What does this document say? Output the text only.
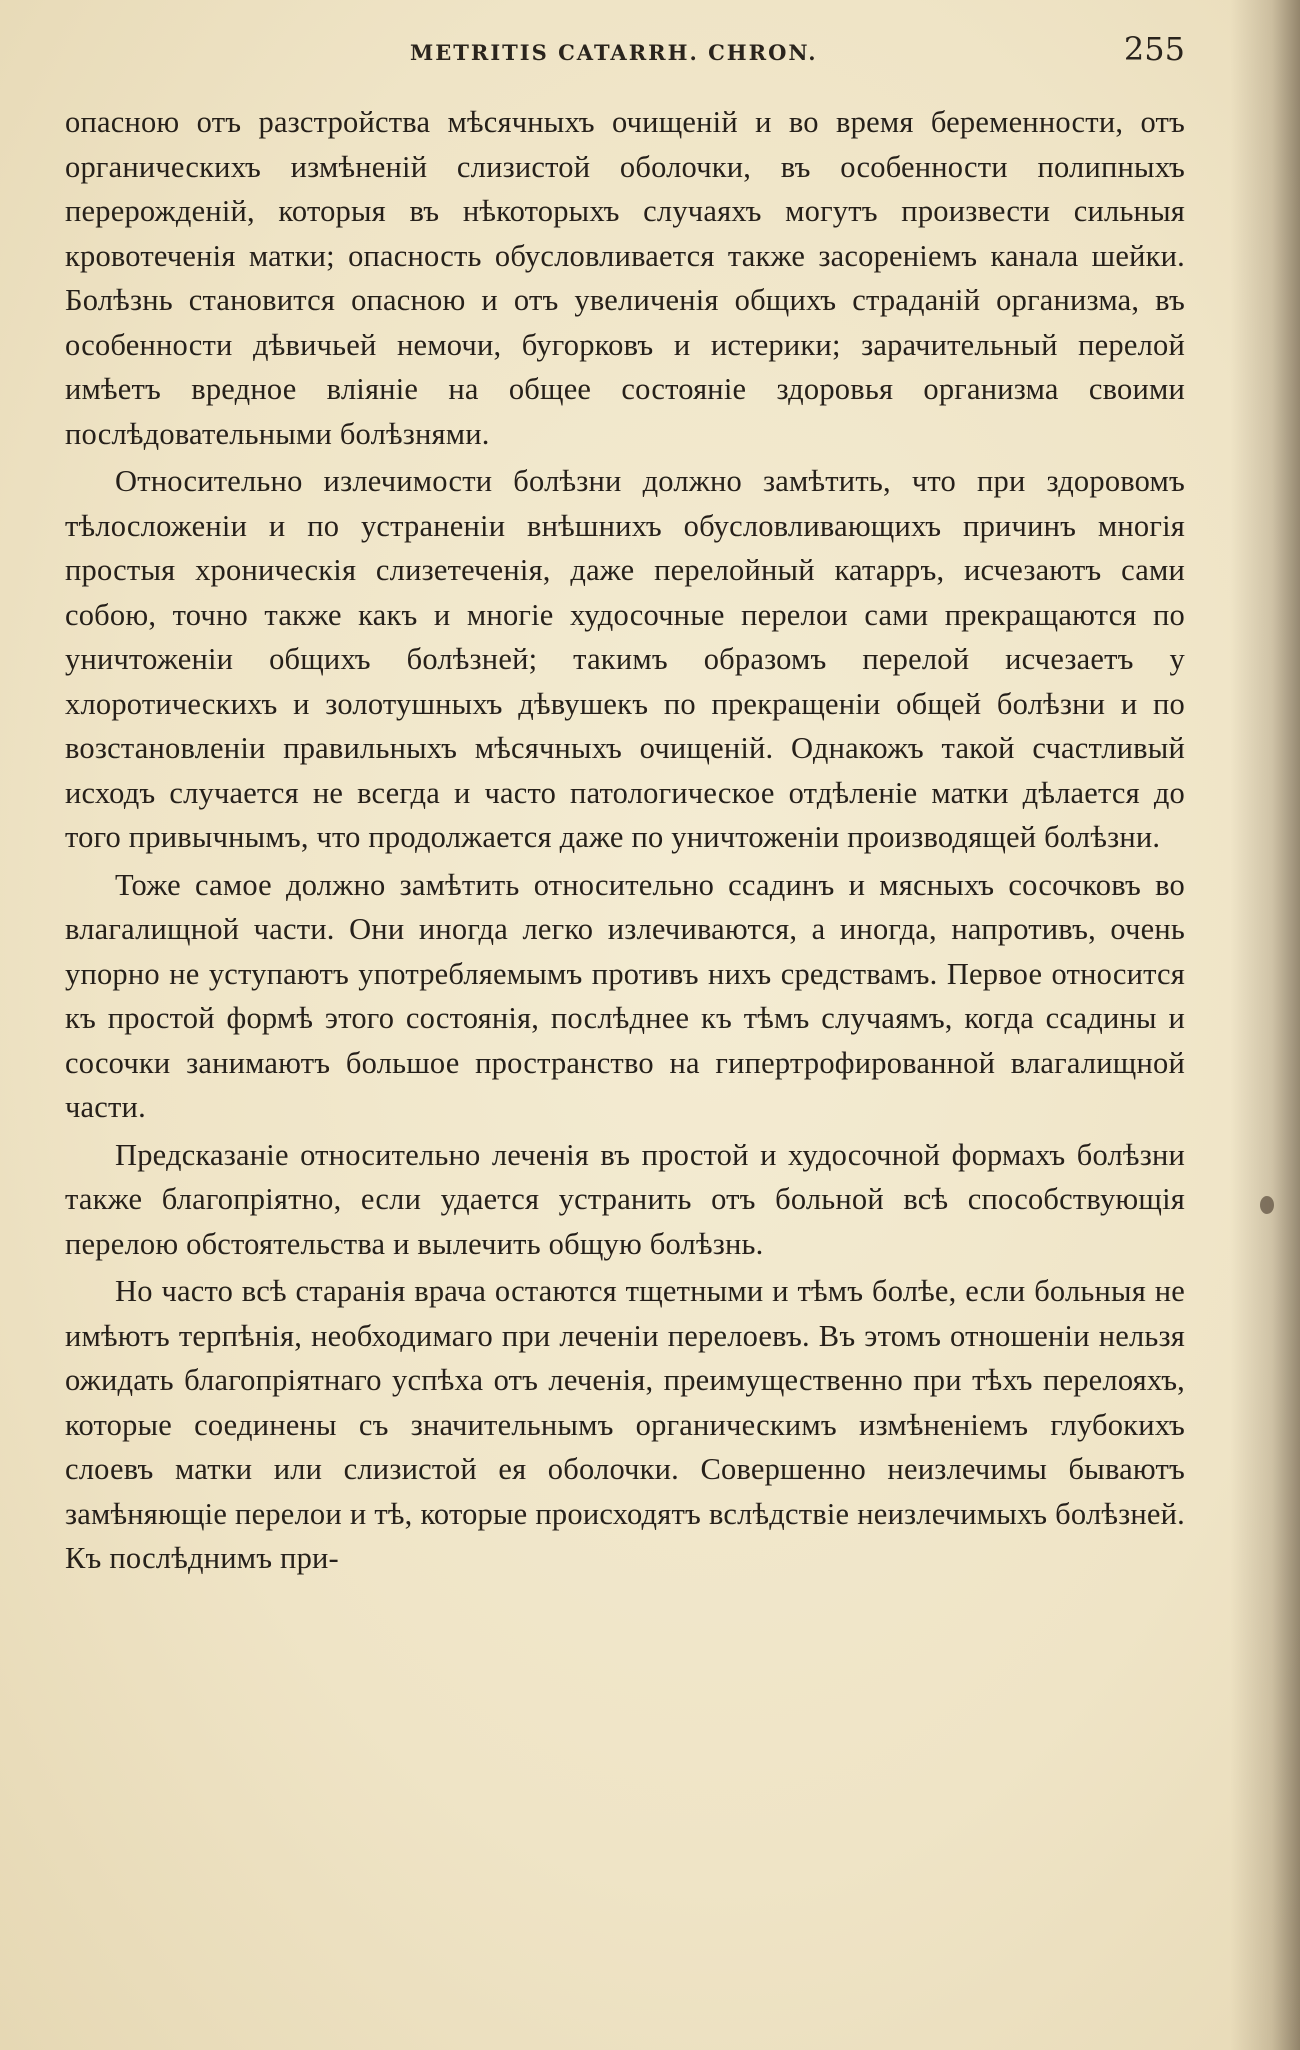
METRITIS CATARRH. CHRON.	255

опасною отъ разстройства мѣсячныхъ очищенiй и во время беременности, отъ органическихъ измѣненiй слизистой оболочки, въ особенности полипныхъ перерожденiй, которыя въ нѣкоторыхъ случаяхъ могутъ произвести сильныя кровотеченiя матки; опасность обусловливается также засоренiемъ канала шейки. Болѣзнь становится опасною и отъ увеличенiя общихъ страданiй организма, въ особенности дѣвичьей немочи, бугорковъ и истерики; зарачительный перелой имѣетъ вредное влiянiе на общее состоянiе здоровья организма своими послѣдовательными болѣзнями.

Относительно излечимости болѣзни должно замѣтить, что при здоровомъ тѣлосложенiи и по устраненiи внѣшнихъ обусловливающихъ причинъ многiя простыя хроническiя слизетеченiя, даже перелойный катарръ, исчезаютъ сами собою, точно также какъ и многiе худосочные перелои сами прекращаются по уничтоженiи общихъ болѣзней; такимъ образомъ перелой исчезаетъ у хлоротическихъ и золотушныхъ дѣвушекъ по прекращенiи общей болѣзни и по возстановленiи правильныхъ мѣсячныхъ очищенiй. Однакожъ такой счастливый исходъ случается не всегда и часто патологическое отдѣленiе матки дѣлается до того привычнымъ, что продолжается даже по уничтоженiи производящей болѣзни.

Тоже самое должно замѣтить относительно ссадинъ и мясныхъ сосочковъ во влагалищной части. Они иногда легко излечиваются, а иногда, напротивъ, очень упорно не уступаютъ употребляемымъ противъ нихъ средствамъ. Первое относится къ простой формѣ этого состоянiя, послѣднее къ тѣмъ случаямъ, когда ссадины и сосочки занимаютъ большое пространство на гипертрофированной влагалищной части.

Предсказанiе относительно леченiя въ простой и худосочной формахъ болѣзни также благопрiятно, если удается устранить отъ больной всѣ способствующiя перелою обстоятельства и вылечить общую болѣзнь.

Но часто всѣ старанiя врача остаются тщетными и тѣмъ болѣе, если больныя не имѣютъ терпѣнiя, необходимаго при леченiи перелоевъ. Въ этомъ отношенiи нельзя ожидать благопрiятнаго успѣха отъ леченiя, преимущественно при тѣхъ перелояхъ, которые соединены съ значительнымъ органическимъ измѣненiемъ глубокихъ слоевъ матки или слизистой ея оболочки. Совершенно неизлечимы бываютъ замѣняющiе перелои и тѣ, которые происходятъ вслѣдствiе неизлечимыхъ болѣзней. Къ послѣднимъ при-
